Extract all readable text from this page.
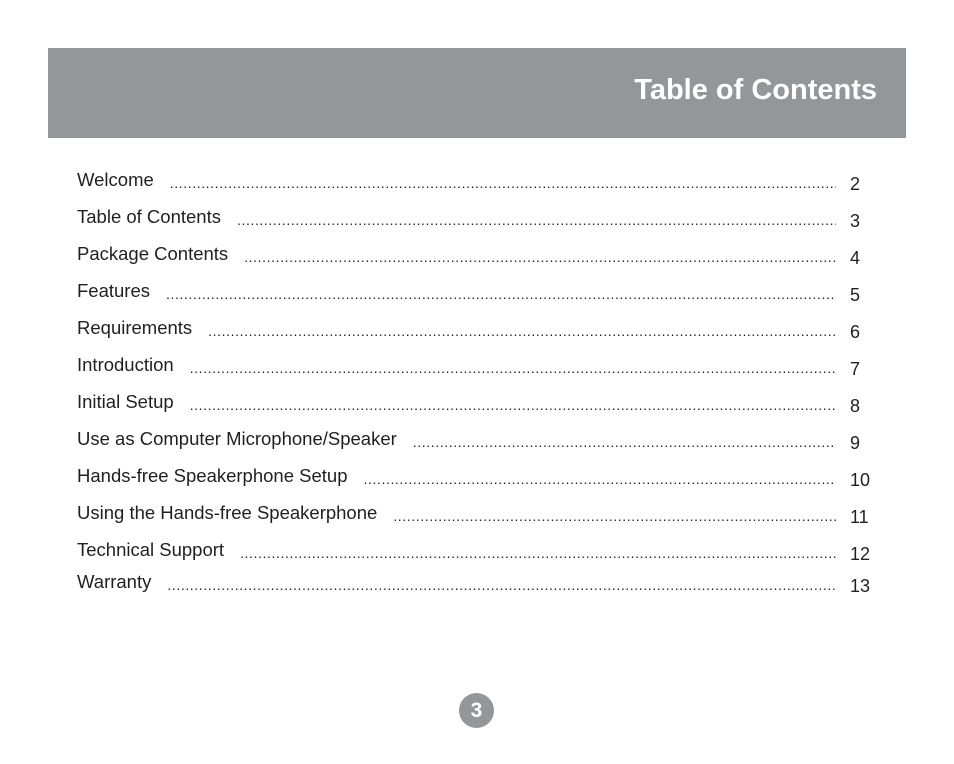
Table of Contents
Welcome .....	2
Table of Contents .....	3
Package Contents .....	4
Features .....	5
Requirements .....	6
Introduction .....	7
Initial Setup .....	8
Use as Computer Microphone/Speaker .....	9
Hands-free Speakerphone Setup .....	10
Using the Hands-free Speakerphone .....	11
Technical Support .....	12
Warranty .....	13
3
